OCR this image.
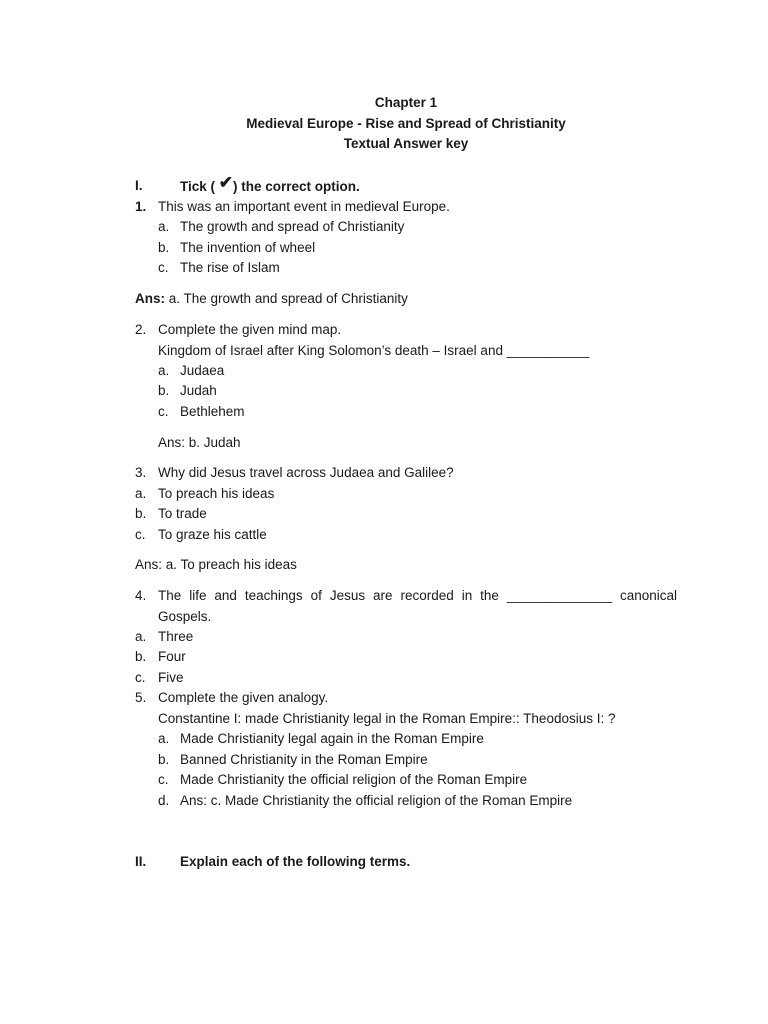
Chapter 1
Medieval Europe - Rise and Spread of Christianity
Textual Answer key
I.	Tick ( ✔) the correct option.
1. This was an important event in medieval Europe.
a. The growth and spread of Christianity
b. The invention of wheel
c. The rise of Islam
Ans: a. The growth and spread of Christianity
2. Complete the given mind map.
Kingdom of Israel after King Solomon’s death – Israel and ___________
a. Judaea
b. Judah
c. Bethlehem
Ans: b. Judah
3. Why did Jesus travel across Judaea and Galilee?
a. To preach his ideas
b. To trade
c. To graze his cattle
Ans: a. To preach his ideas
4. The life and teachings of Jesus are recorded in the ______________ canonical
Gospels.
a. Three
b. Four
c. Five
5. Complete the given analogy.
Constantine I: made Christianity legal in the Roman Empire:: Theodosius I: ?
a. Made Christianity legal again in the Roman Empire
b. Banned Christianity in the Roman Empire
c. Made Christianity the official religion of the Roman Empire
d. Ans: c. Made Christianity the official religion of the Roman Empire
II. Explain each of the following terms.
